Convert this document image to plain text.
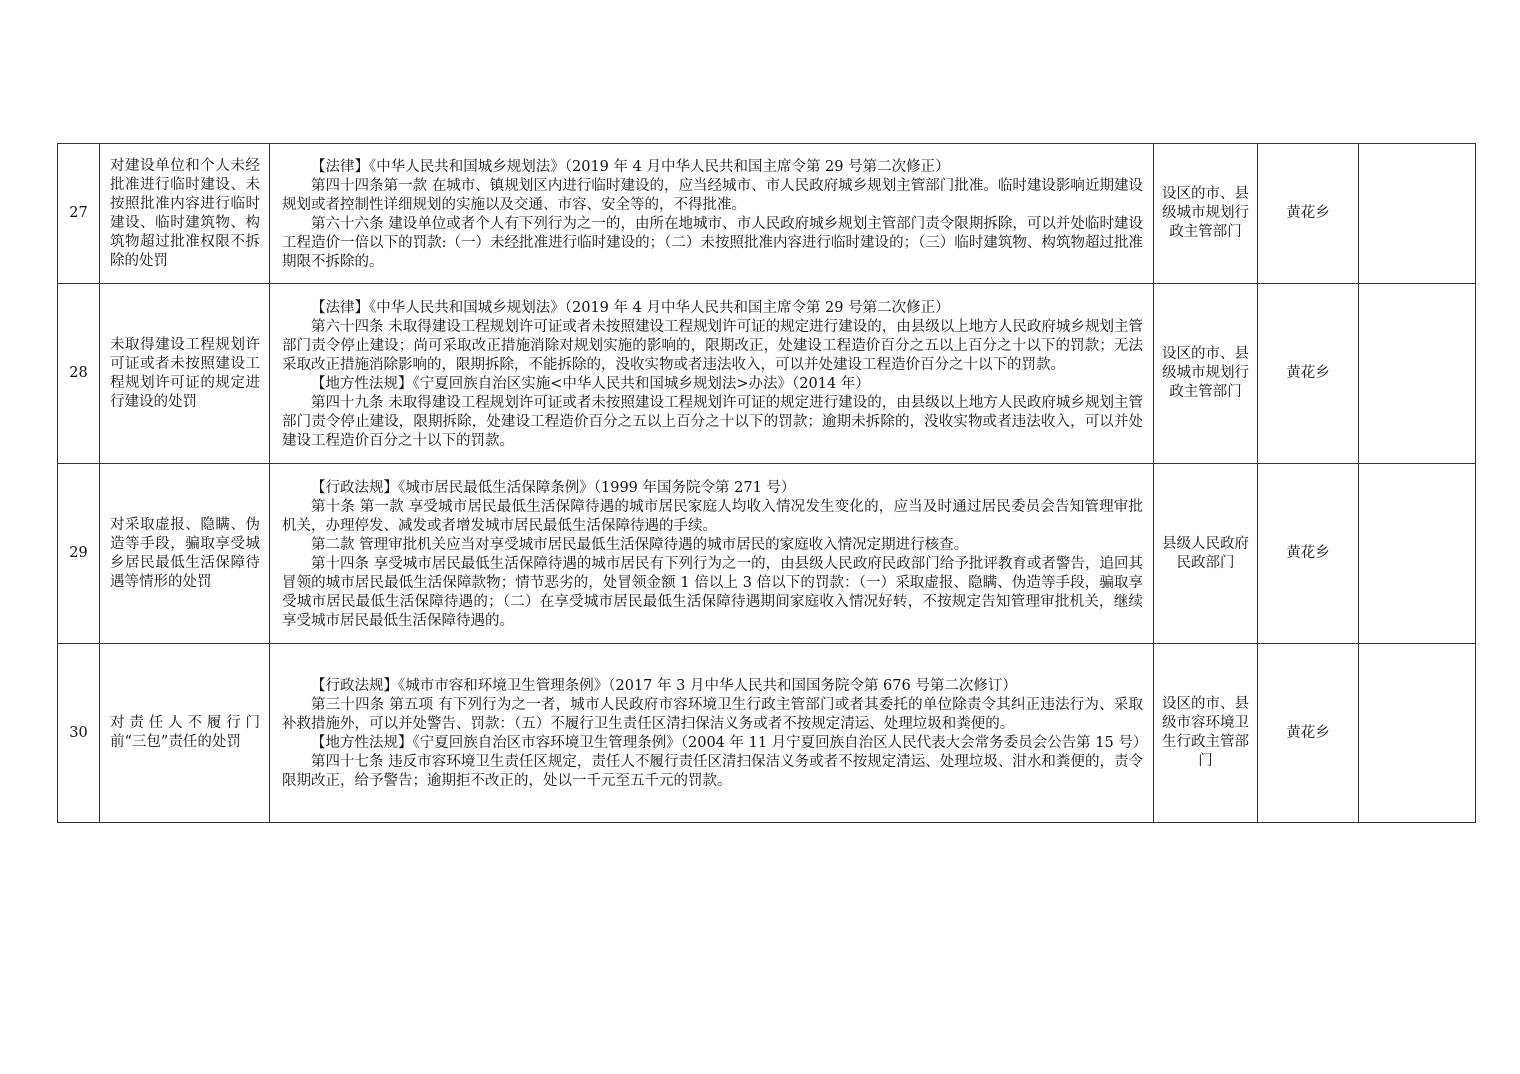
27	对建设单位和个人未经批准进行临时建设、未按照批准内容进行临时建设、临时建筑物、构筑物超过批准权限不拆除的处罚	【法律】《中华人民共和国城乡规划法》（2019 年 4 月中华人民共和国主席令第 29 号第二次修正）

第四十四条第一款 在城市、镇规划区内进行临时建设的，应当经城市、市人民政府城乡规划主管部门批准。临时建设影响近期建设规划或者控制性详细规划的实施以及交通、市容、安全等的，不得批准。

第六十六条 建设单位或者个人有下列行为之一的，由所在地城市、市人民政府城乡规划主管部门责令限期拆除，可以并处临时建设工程造价一倍以下的罚款:（一）未经批准进行临时建设的；（二）未按照批准内容进行临时建设的；（三）临时建筑物、构筑物超过批准期限不拆除的。	设区的市、县级城市规划行政主管部门	黄花乡	
28	未取得建设工程规划许可证或者未按照建设工程规划许可证的规定进行建设的处罚	【法律】《中华人民共和国城乡规划法》（2019 年 4 月中华人民共和国主席令第 29 号第二次修正）

第六十四条 未取得建设工程规划许可证或者未按照建设工程规划许可证的规定进行建设的，由县级以上地方人民政府城乡规划主管部门责令停止建设；尚可采取改正措施消除对规划实施的影响的，限期改正，处建设工程造价百分之五以上百分之十以下的罚款；无法采取改正措施消除影响的，限期拆除，不能拆除的，没收实物或者违法收入，可以并处建设工程造价百分之十以下的罚款。

【地方性法规】《宁夏回族自治区实施<中华人民共和国城乡规划法>办法》（2014 年）

第四十九条 未取得建设工程规划许可证或者未按照建设工程规划许可证的规定进行建设的，由县级以上地方人民政府城乡规划主管部门责令停止建设，限期拆除，处建设工程造价百分之五以上百分之十以下的罚款；逾期未拆除的，没收实物或者违法收入，可以并处建设工程造价百分之十以下的罚款。	设区的市、县级城市规划行政主管部门	黄花乡	
29	对采取虚报、隐瞒、伪造等手段，骗取享受城乡居民最低生活保障待遇等情形的处罚	【行政法规】《城市居民最低生活保障条例》（1999 年国务院令第 271 号）

第十条 第一款 享受城市居民最低生活保障待遇的城市居民家庭人均收入情况发生变化的，应当及时通过居民委员会告知管理审批机关，办理停发、减发或者增发城市居民最低生活保障待遇的手续。

第二款 管理审批机关应当对享受城市居民最低生活保障待遇的城市居民的家庭收入情况定期进行核查。

第十四条 享受城市居民最低生活保障待遇的城市居民有下列行为之一的，由县级人民政府民政部门给予批评教育或者警告，追回其冒领的城市居民最低生活保障款物；情节恶劣的，处冒领金额 1 倍以上 3 倍以下的罚款：（一）采取虚报、隐瞒、伪造等手段，骗取享受城市居民最低生活保障待遇的；（二）在享受城市居民最低生活保障待遇期间家庭收入情况好转，不按规定告知管理审批机关，继续享受城市居民最低生活保障待遇的。	县级人民政府民政部门	黄花乡	
30	对责任人不履行门前“三包”责任的处罚	【行政法规】《城市市容和环境卫生管理条例》（2017 年 3 月中华人民共和国国务院令第 676 号第二次修订）

第三十四条 第五项 有下列行为之一者，城市人民政府市容环境卫生行政主管部门或者其委托的单位除责令其纠正违法行为、采取补救措施外，可以并处警告、罚款：（五）不履行卫生责任区清扫保洁义务或者不按规定清运、处理垃圾和粪便的。

【地方性法规】《宁夏回族自治区市容环境卫生管理条例》（2004 年 11 月宁夏回族自治区人民代表大会常务委员会公告第 15 号）

第四十七条 违反市容环境卫生责任区规定，责任人不履行责任区清扫保洁义务或者不按规定清运、处理垃圾、泔水和粪便的，责令限期改正，给予警告；逾期拒不改正的，处以一千元至五千元的罚款。	设区的市、县级市容环境卫生行政主管部门	黄花乡	
